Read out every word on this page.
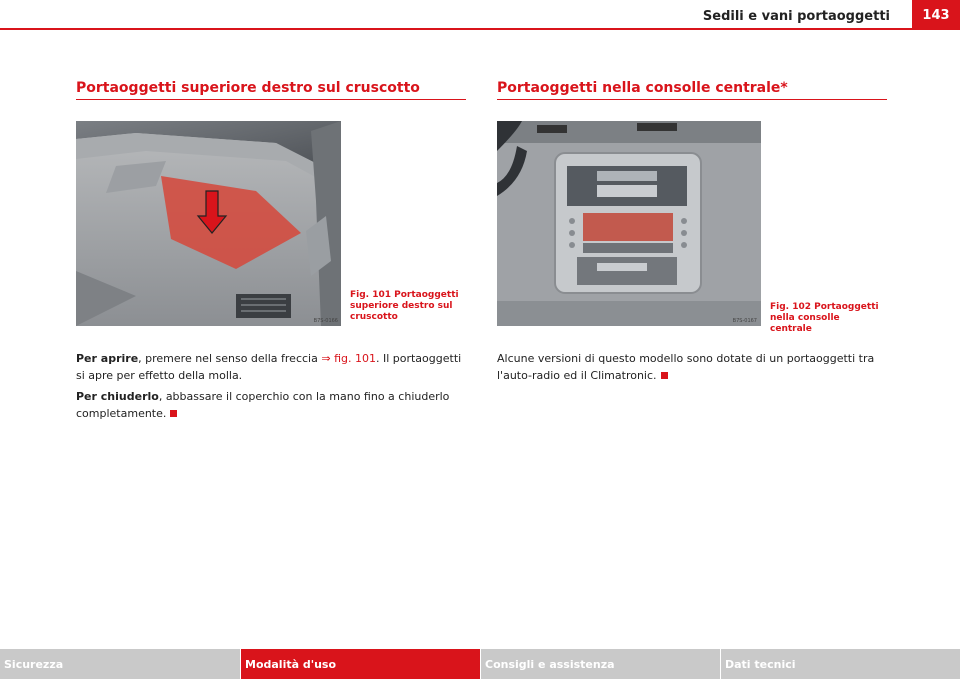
Sedili e vani portaoggetti	143
Portaoggetti superiore destro sul cruscotto
B7S-0166
Fig. 101 Portaoggetti superiore destro sul cruscotto
Per aprire, premere nel senso della freccia ⇒ fig. 101. Il portaoggetti si apre per effetto della molla.
Per chiuderlo, abbassare il coperchio con la mano fino a chiuderlo completamente.
Portaoggetti nella consolle centrale*
B7S-0167
Fig. 102 Portaoggetti nella consolle centrale
Alcune versioni di questo modello sono dotate di un portaoggetti tra l'auto-radio ed il Climatronic.
Sicurezza	Modalità d'uso	Consigli e assistenza	Dati tecnici
